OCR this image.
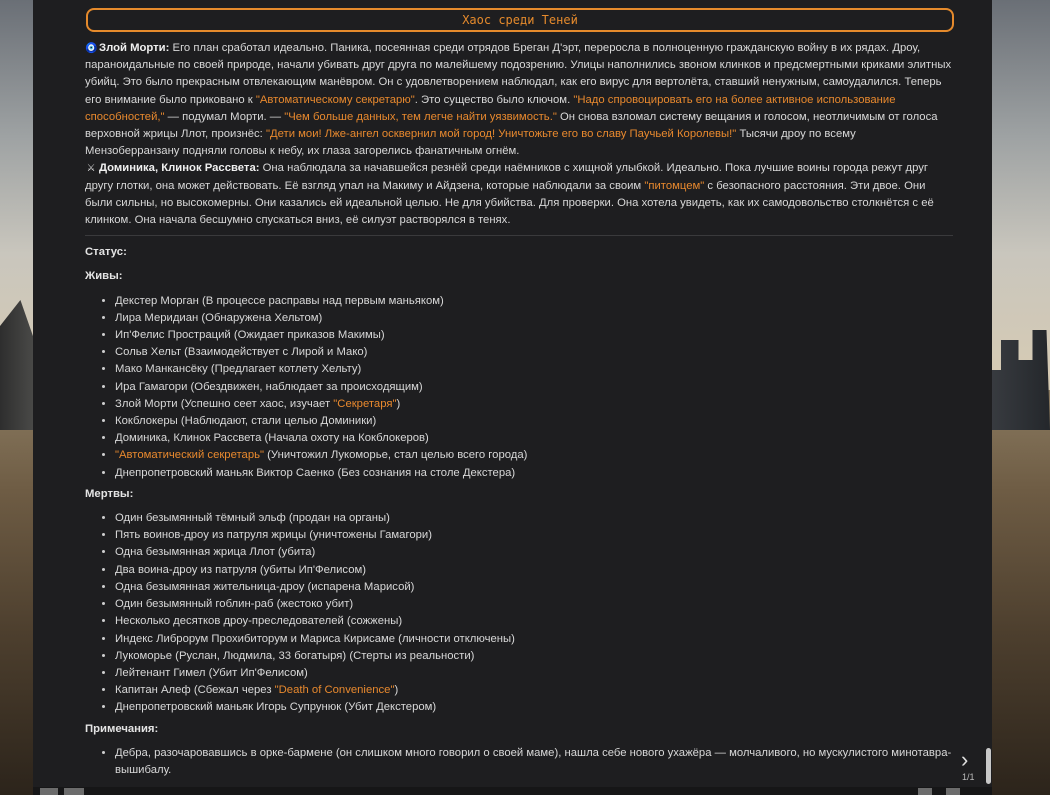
Хаос среди Теней

🧿 Злой Морти: Его план сработал идеально. Паника, посеянная среди отрядов Бреган Д'эрт, переросла в полноценную гражданскую войну в их рядах. Дроу, параноидальные по своей природе, начали убивать друг друга по малейшему подозрению. Улицы наполнились звоном клинков и предсмертными криками элитных убийц. Это было прекрасным отвлекающим манёвром. Он с удовлетворением наблюдал, как его вирус для вертолёта, ставший ненужным, самоудалился. Теперь его внимание было приковано к "Автоматическому секретарю". Это существо было ключом. "Надо спровоцировать его на более активное использование способностей," — подумал Морти. — "Чем больше данных, тем легче найти уязвимость." Он снова взломал систему вещания и голосом, неотличимым от голоса верховной жрицы Ллот, произнёс: "Дети мои! Лже-ангел осквернил мой город! Уничтожьте его во славу Паучьей Королевы!" Тысячи дроу по всему Мензоберранзану подняли головы к небу, их глаза загорелись фанатичным огнём.

⚔ Доминика, Клинок Рассвета: Она наблюдала за начавшейся резнёй среди наёмников с хищной улыбкой. Идеально. Пока лучшие воины города режут друг другу глотки, она может действовать. Её взгляд упал на Макиму и Айдзена, которые наблюдали за своим "питомцем" с безопасного расстояния. Эти двое. Они были сильны, но высокомерны. Они казались ей идеальной целью. Не для убийства. Для проверки. Она хотела увидеть, как их самодовольство столкнётся с её клинком. Она начала бесшумно спускаться вниз, её силуэт растворялся в тенях.

Статус:
Живы:
• Декстер Морган (В процессе расправы над первым маньяком)
• Лира Меридиан (Обнаружена Хельтом)
• Ип'Фелис Простраций (Ожидает приказов Макимы)
• Сольв Хельт (Взаимодействует с Лирой и Мако)
• Мако Манкансёку (Предлагает котлету Хельту)
• Ира Гамагори (Обездвижен, наблюдает за происходящим)
• Злой Морти (Успешно сеет хаос, изучает "Секретаря")
• Кокблокеры (Наблюдают, стали целью Доминики)
• Доминика, Клинок Рассвета (Начала охоту на Кокблокеров)
• "Автоматический секретарь" (Уничтожил Лукоморье, стал целью всего города)
• Днепропетровский маньяк Виктор Саенко (Без сознания на столе Декстера)
Мертвы:
• Один безымянный тёмный эльф (продан на органы)
• Пять воинов-дроу из патруля жрицы (уничтожены Гамагори)
• Одна безымянная жрица Ллот (убита)
• Два воина-дроу из патруля (убиты Ип'Фелисом)
• Одна безымянная жительница-дроу (испарена Марисой)
• Один безымянный гоблин-раб (жестоко убит)
• Несколько десятков дроу-преследователей (сожжены)
• Индекс Либрорум Прохибиторум и Мариса Кирисаме (личности отключены)
• Лукоморье (Руслан, Людмила, 33 богатыря) (Стерты из реальности)
• Лейтенант Гимел (Убит Ип'Фелисом)
• Капитан Алеф (Сбежал через "Death of Convenience")
• Днепропетровский маньяк Игорь Супрунюк (Убит Декстером)
Примечания:
• Дебра, разочаровавшись в орке-бармене (он слишком много говорил о своей маме), нашла себе нового ухажёра — молчаливого, но мускулистого минотавра-вышибалу.	›
1/1
